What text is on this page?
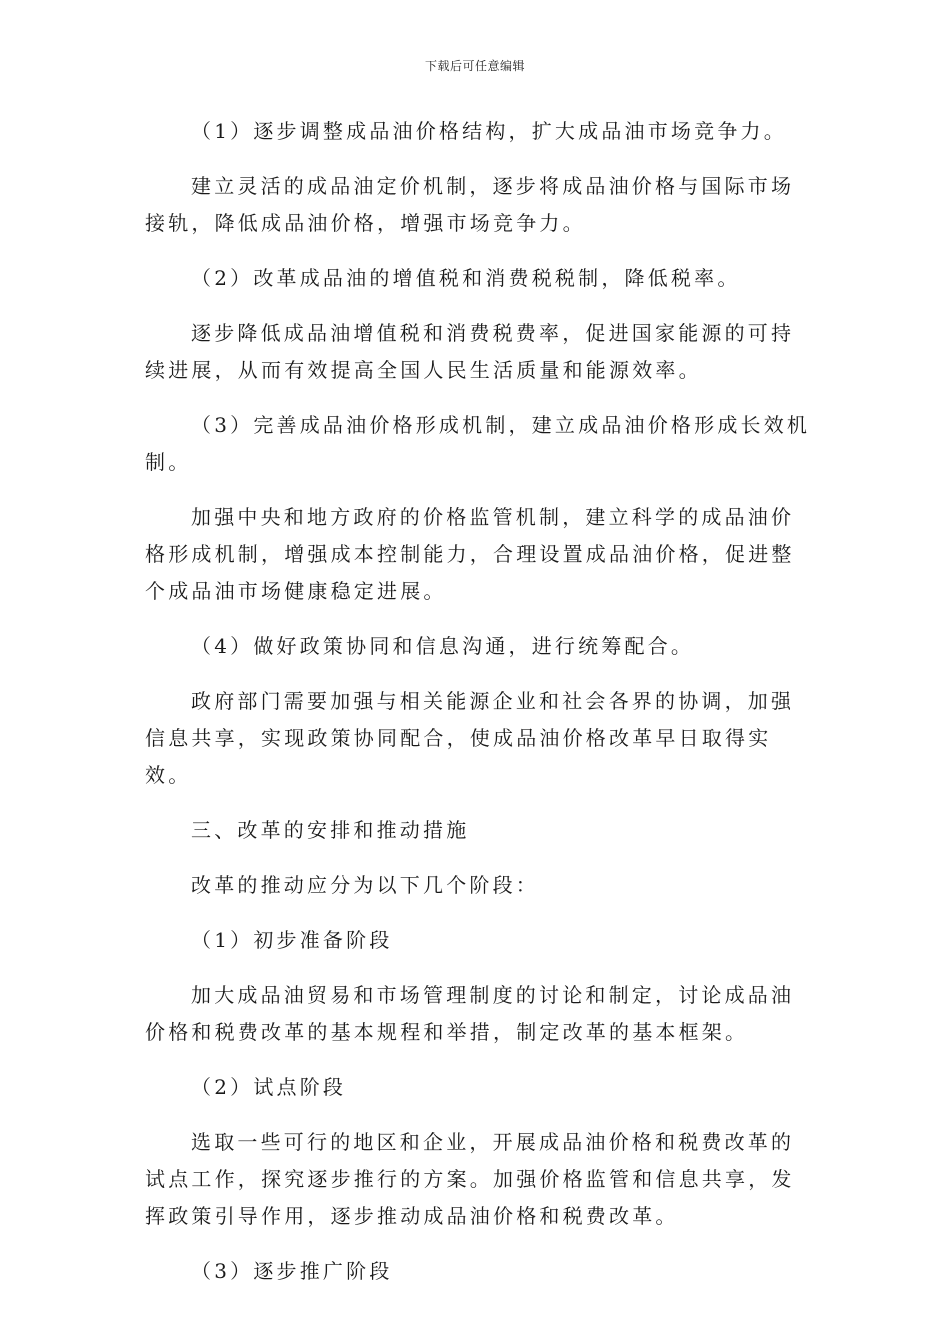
下载后可任意编辑

（1）逐步调整成品油价格结构，扩大成品油市场竞争力。

建立灵活的成品油定价机制，逐步将成品油价格与国际市场接轨，降低成品油价格，增强市场竞争力。

（2）改革成品油的增值税和消费税税制，降低税率。

逐步降低成品油增值税和消费税费率，促进国家能源的可持续进展，从而有效提高全国人民生活质量和能源效率。

（3）完善成品油价格形成机制，建立成品油价格形成长效机制。

加强中央和地方政府的价格监管机制，建立科学的成品油价格形成机制，增强成本控制能力，合理设置成品油价格，促进整个成品油市场健康稳定进展。

（4）做好政策协同和信息沟通，进行统筹配合。

政府部门需要加强与相关能源企业和社会各界的协调，加强信息共享，实现政策协同配合，使成品油价格改革早日取得实效。

三、改革的安排和推动措施

改革的推动应分为以下几个阶段：

（1）初步准备阶段

加大成品油贸易和市场管理制度的讨论和制定，讨论成品油价格和税费改革的基本规程和举措，制定改革的基本框架。

（2）试点阶段

选取一些可行的地区和企业，开展成品油价格和税费改革的试点工作，探究逐步推行的方案。加强价格监管和信息共享，发挥政策引导作用，逐步推动成品油价格和税费改革。

（3）逐步推广阶段
